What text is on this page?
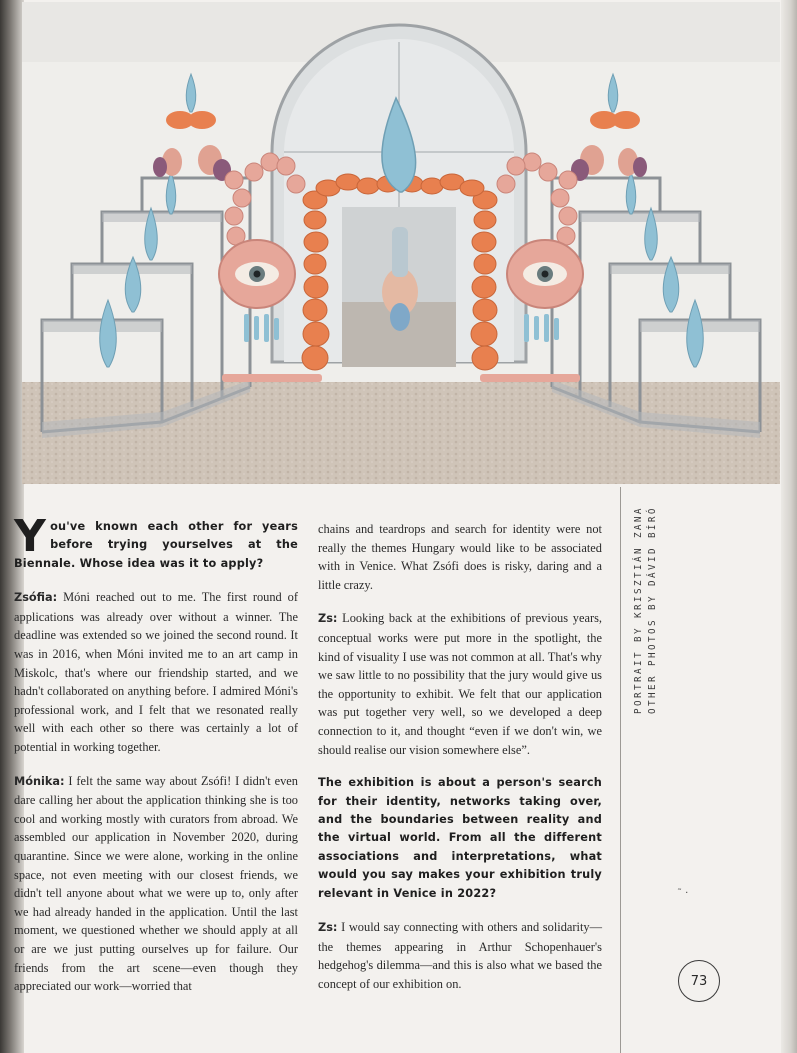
You've known each other for years before trying yourselves at the Biennale. Whose idea was it to apply?

Zsófia: Móni reached out to me. The first round of applications was already over without a winner. The deadline was extended so we joined the second round. It was in 2016, when Móni invited me to an art camp in Miskolc, that's where our friendship started, and we hadn't collaborated on anything before. I admired Móni's professional work, and I felt that we resonated really well with each other so there was certainly a lot of potential in working together.

Mónika: I felt the same way about Zsófi! I didn't even dare calling her about the application thinking she is too cool and working mostly with curators from abroad. We assembled our application in November 2020, during quarantine. Since we were alone, working in the online space, not even meeting with our closest friends, we didn't tell anyone about what we were up to, only after we had already handed in the application. Until the last moment, we questioned whether we should apply at all or are we just putting ourselves up for failure. Our friends from the art scene—even though they appreciated our work—worried that

chains and teardrops and search for identity were not really the themes Hungary would like to be associated with in Venice. What Zsófi does is risky, daring and a little crazy.

Zs: Looking back at the exhibitions of previous years, conceptual works were put more in the spotlight, the kind of visuality I use was not common at all. That's why we saw little to no possibility that the jury would give us the opportunity to exhibit. We felt that our application was put together very well, so we developed a deep connection to it, and thought “even if we don't win, we should realise our vision somewhere else”.

The exhibition is about a person's search for their identity, networks taking over, and the boundaries between reality and the virtual world. From all the different associations and interpretations, what would you say makes your exhibition truly relevant in Venice in 2022?

Zs: I would say connecting with others and solidarity—the themes appearing in Arthur Schopenhauer's hedgehog's dilemma—and this is also what we based the concept of our exhibition on.

PORTRAIT BY KRISZTIÁN ZANA OTHER PHOTOS BY DÁVID BÍRÓ
˜ ·
73
